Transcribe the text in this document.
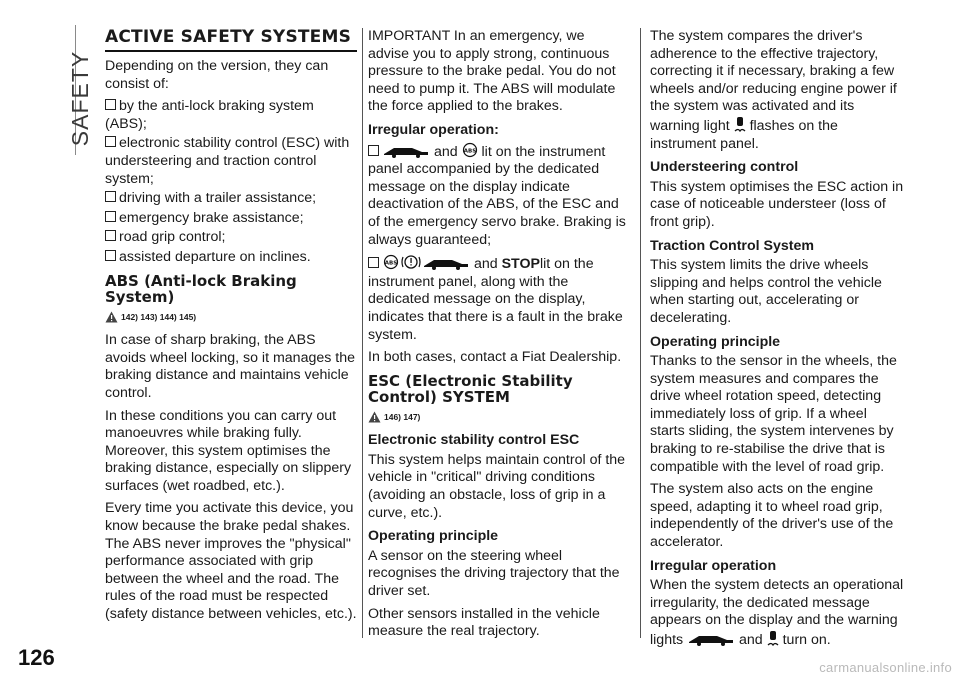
SAFETY
ACTIVE SAFETY SYSTEMS

Depending on the version, they can consist of:

by the anti-lock braking system (ABS);
electronic stability control (ESC) with understeering and traction control system;
driving with a trailer assistance;
emergency brake assistance;
road grip control;
assisted departure on inclines.
ABS (Anti-lock Braking System)
142) 143) 144) 145)

In case of sharp braking, the ABS avoids wheel locking, so it manages the braking distance and maintains vehicle control.

In these conditions you can carry out manoeuvres while braking fully. Moreover, this system optimises the braking distance, especially on slippery surfaces (wet roadbed, etc.).

Every time you activate this device, you know because the brake pedal shakes. The ABS never improves the "physical" performance associated with grip between the wheel and the road. The rules of the road must be respected (safety distance between vehicles, etc.).

IMPORTANT In an emergency, we advise you to apply strong, continuous pressure to the brake pedal. You do not need to pump it. The ABS will modulate the force applied to the brakes.

Irregular operation:

and ABS lit on the instrument panel accompanied by the dedicated message on the display indicate deactivation of the ABS, of the ESC and of the emergency servo brake. Braking is always guaranteed;

ABS	and STOPlit on the instrument panel, along with the dedicated message on the display, indicates that there is a fault in the brake system.

In both cases, contact a Fiat Dealership.

ESC (Electronic Stability Control) SYSTEM
146) 147)
Electronic stability control ESC

This system helps maintain control of the vehicle in "critical" driving conditions (avoiding an obstacle, loss of grip in a curve, etc.).

Operating principle

A sensor on the steering wheel recognises the driving trajectory that the driver set.

Other sensors installed in the vehicle measure the real trajectory.

The system compares the driver's adherence to the effective trajectory, correcting it if necessary, braking a few wheels and/or reducing engine power if the system was activated and its warning light flashes on the instrument panel.

Understeering control

This system optimises the ESC action in case of noticeable understeer (loss of front grip).

Traction Control System

This system limits the drive wheels slipping and helps control the vehicle when starting out, accelerating or decelerating.

Operating principle

Thanks to the sensor in the wheels, the system measures and compares the drive wheel rotation speed, detecting immediately loss of grip. If a wheel starts sliding, the system intervenes by braking to re-stabilise the drive that is compatible with the level of road grip.

The system also acts on the engine speed, adapting it to wheel road grip, independently of the driver's use of the accelerator.

Irregular operation

When the system detects an operational irregularity, the dedicated message appears on the display and the warning lights	and turn on.

126	carmanualsonline.info
